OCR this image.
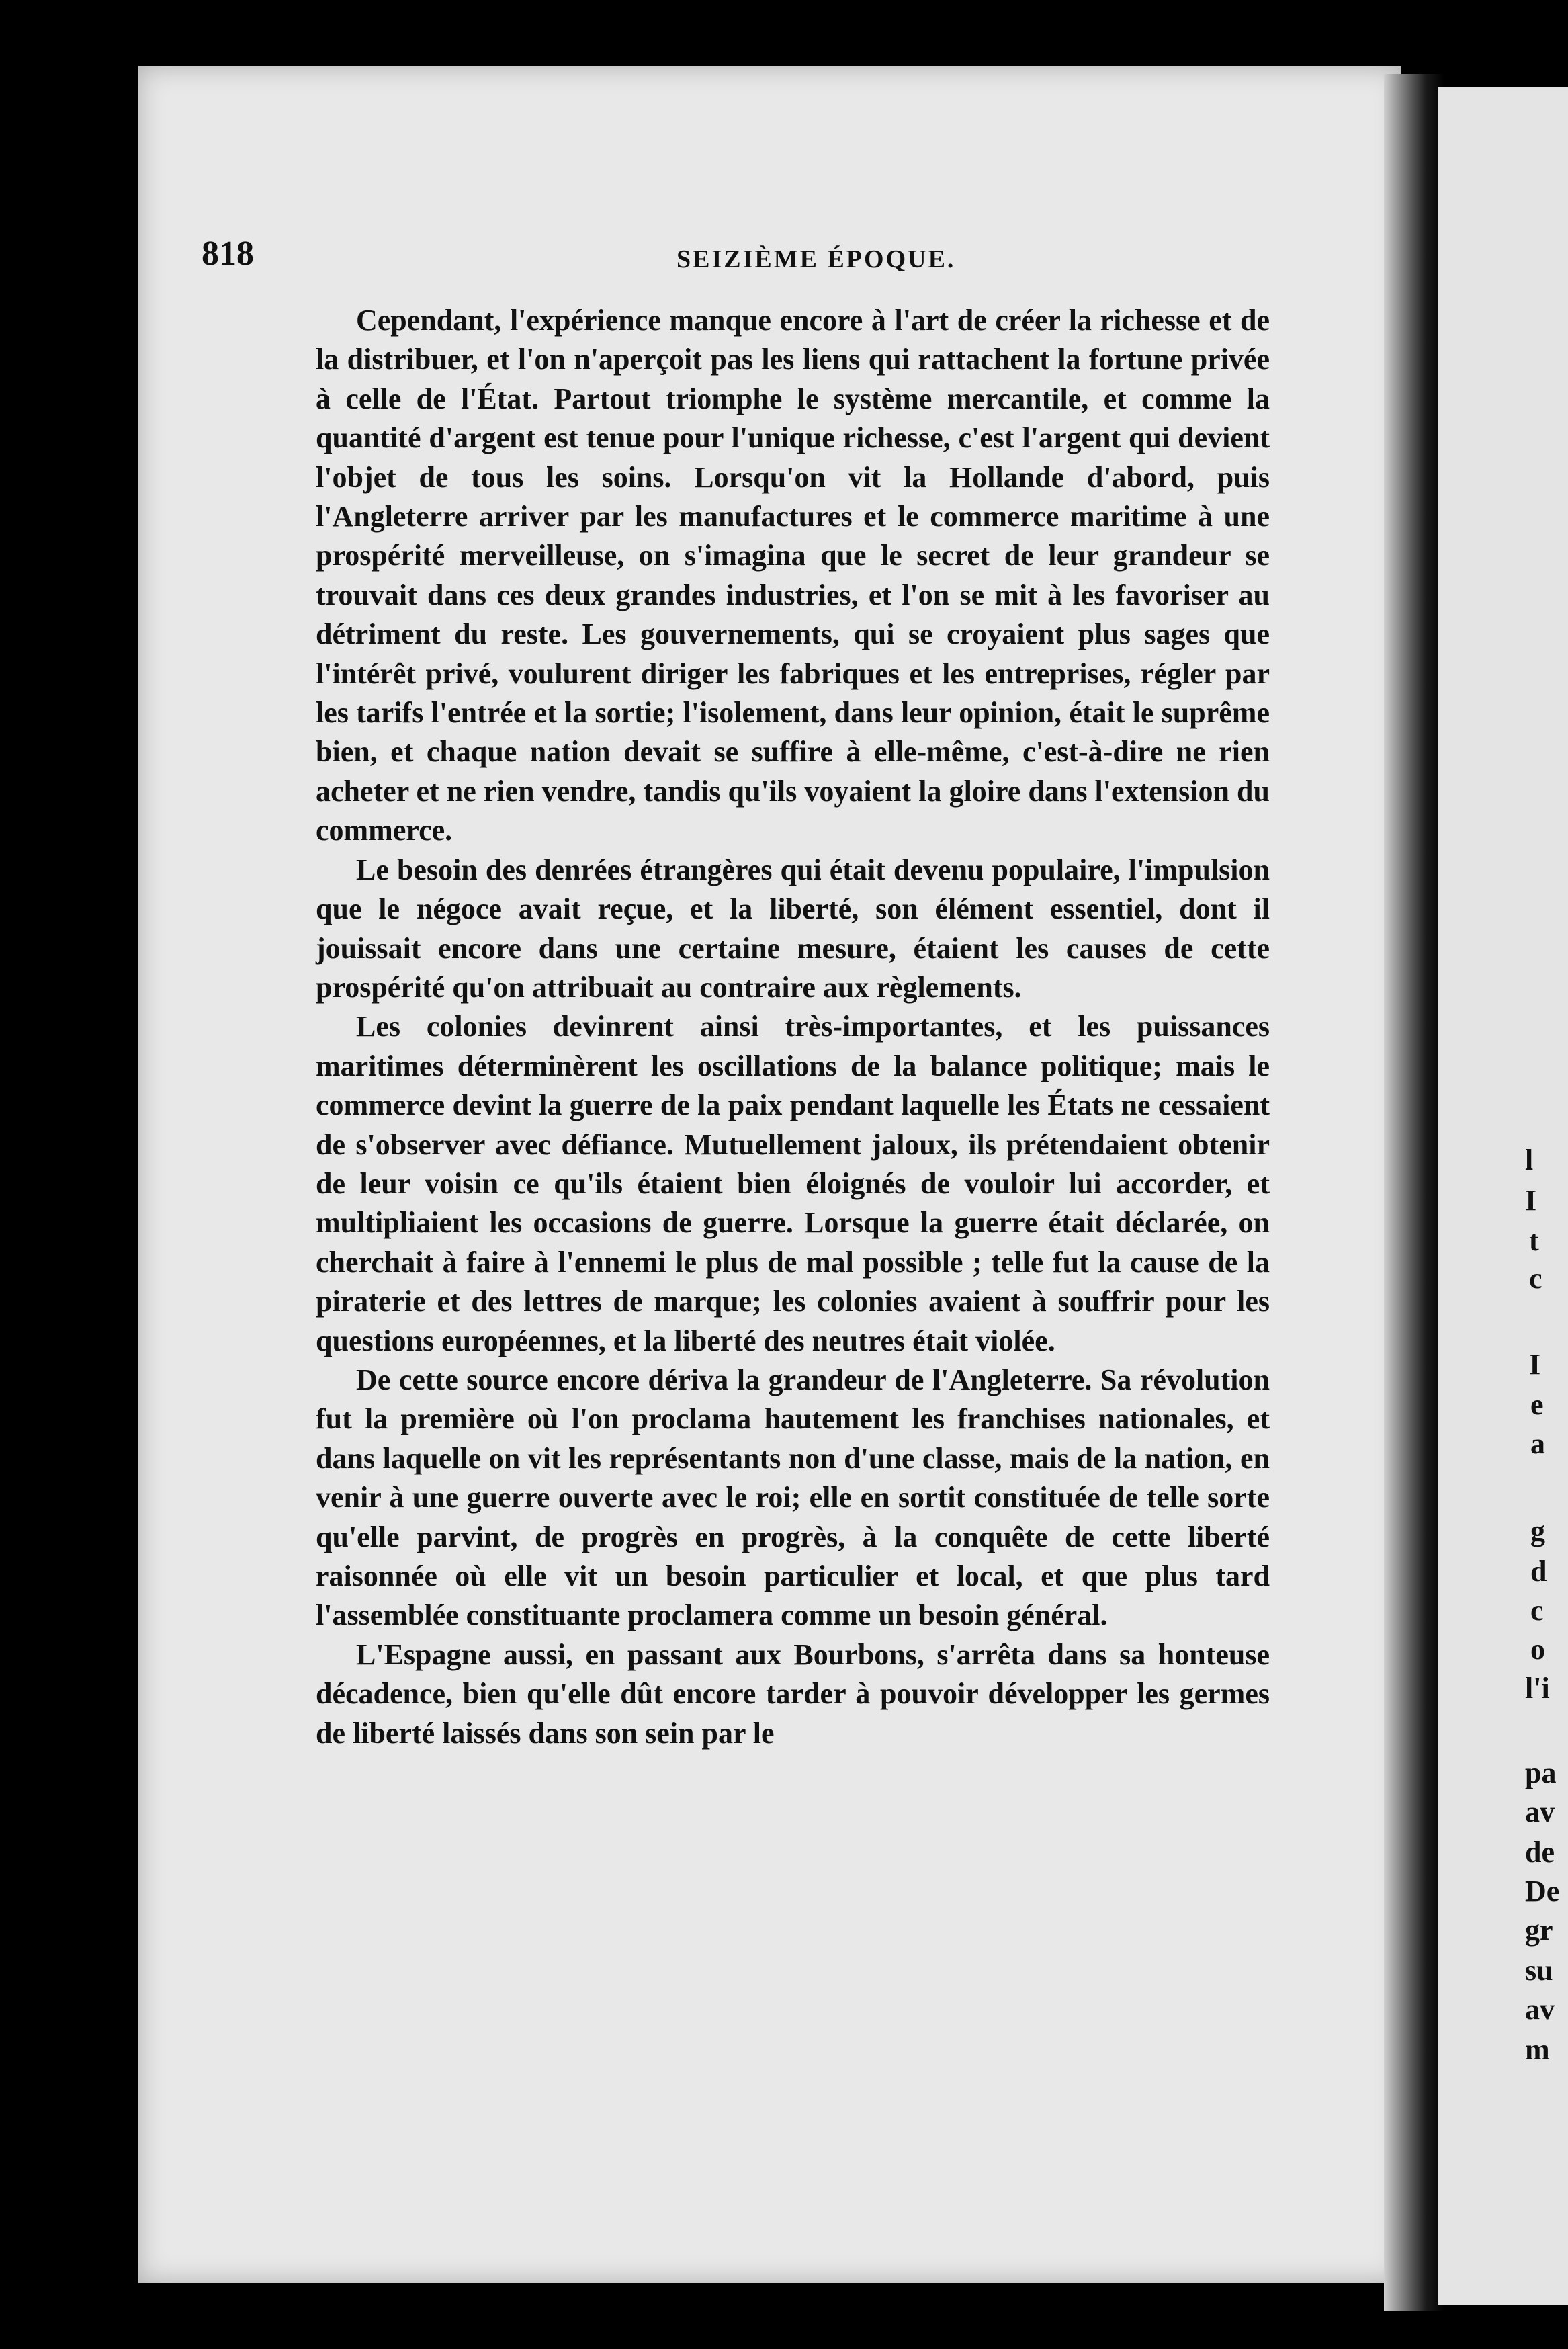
l
I
t
c
I
e
a
g
d
c
o
l'i
pa
av
de
De
gr
su
av
m
818	SEIZIÈME ÉPOQUE.

Cependant, l'expérience manque encore à l'art de créer la richesse et de la distribuer, et l'on n'aperçoit pas les liens qui rattachent la fortune privée à celle de l'État. Partout triomphe le système mercantile, et comme la quantité d'argent est tenue pour l'unique richesse, c'est l'argent qui devient l'objet de tous les soins. Lorsqu'on vit la Hollande d'abord, puis l'Angleterre arriver par les manufactures et le commerce maritime à une prospérité merveilleuse, on s'imagina que le secret de leur grandeur se trouvait dans ces deux grandes industries, et l'on se mit à les favoriser au détriment du reste. Les gouvernements, qui se croyaient plus sages que l'intérêt privé, voulurent diriger les fabriques et les entreprises, régler par les tarifs l'entrée et la sortie; l'isolement, dans leur opinion, était le suprême bien, et chaque nation devait se suffire à elle-même, c'est-à-dire ne rien acheter et ne rien vendre, tandis qu'ils voyaient la gloire dans l'extension du commerce.

Le besoin des denrées étrangères qui était devenu populaire, l'impulsion que le négoce avait reçue, et la liberté, son élément essentiel, dont il jouissait encore dans une certaine mesure, étaient les causes de cette prospérité qu'on attribuait au contraire aux règlements.

Les colonies devinrent ainsi très-importantes, et les puissances maritimes déterminèrent les oscillations de la balance politique; mais le commerce devint la guerre de la paix pendant laquelle les États ne cessaient de s'observer avec défiance. Mutuellement jaloux, ils prétendaient obtenir de leur voisin ce qu'ils étaient bien éloignés de vouloir lui accorder, et multipliaient les occasions de guerre. Lorsque la guerre était déclarée, on cherchait à faire à l'ennemi le plus de mal possible ; telle fut la cause de la piraterie et des lettres de marque; les colonies avaient à souffrir pour les questions européennes, et la liberté des neutres était violée.

De cette source encore dériva la grandeur de l'Angleterre. Sa révolution fut la première où l'on proclama hautement les franchises nationales, et dans laquelle on vit les représentants non d'une classe, mais de la nation, en venir à une guerre ouverte avec le roi; elle en sortit constituée de telle sorte qu'elle parvint, de progrès en progrès, à la conquête de cette liberté raisonnée où elle vit un besoin particulier et local, et que plus tard l'assemblée constituante proclamera comme un besoin général.

L'Espagne aussi, en passant aux Bourbons, s'arrêta dans sa honteuse décadence, bien qu'elle dût encore tarder à pouvoir développer les germes de liberté laissés dans son sein par le
